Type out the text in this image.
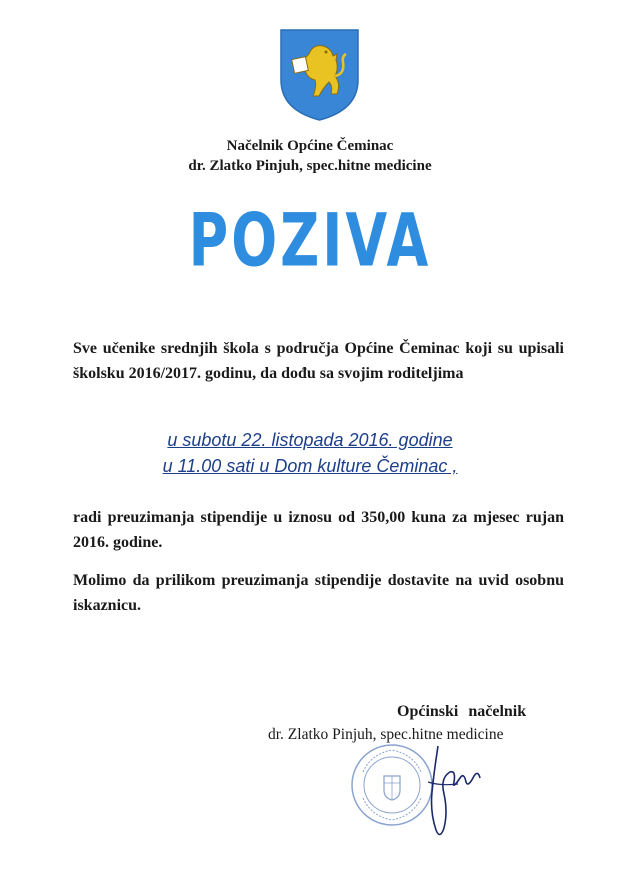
Načelnik Općine Čeminac
dr. Zlatko Pinjuh, spec.hitne medicine
POZIVA
Sve učenike srednjih škola s područja Općine Čeminac koji su upisali školsku 2016/2017. godinu, da dođu sa svojim roditeljima
u subotu 22. listopada 2016. godine
u 11.00 sati u Dom kulture Čeminac ,
radi preuzimanja stipendije u iznosu od 350,00 kuna za mjesec rujan 2016. godine.
Molimo da prilikom preuzimanja stipendije dostavite na uvid osobnu iskaznicu.
Općinski načelnik
dr. Zlatko Pinjuh, spec.hitne medicine
